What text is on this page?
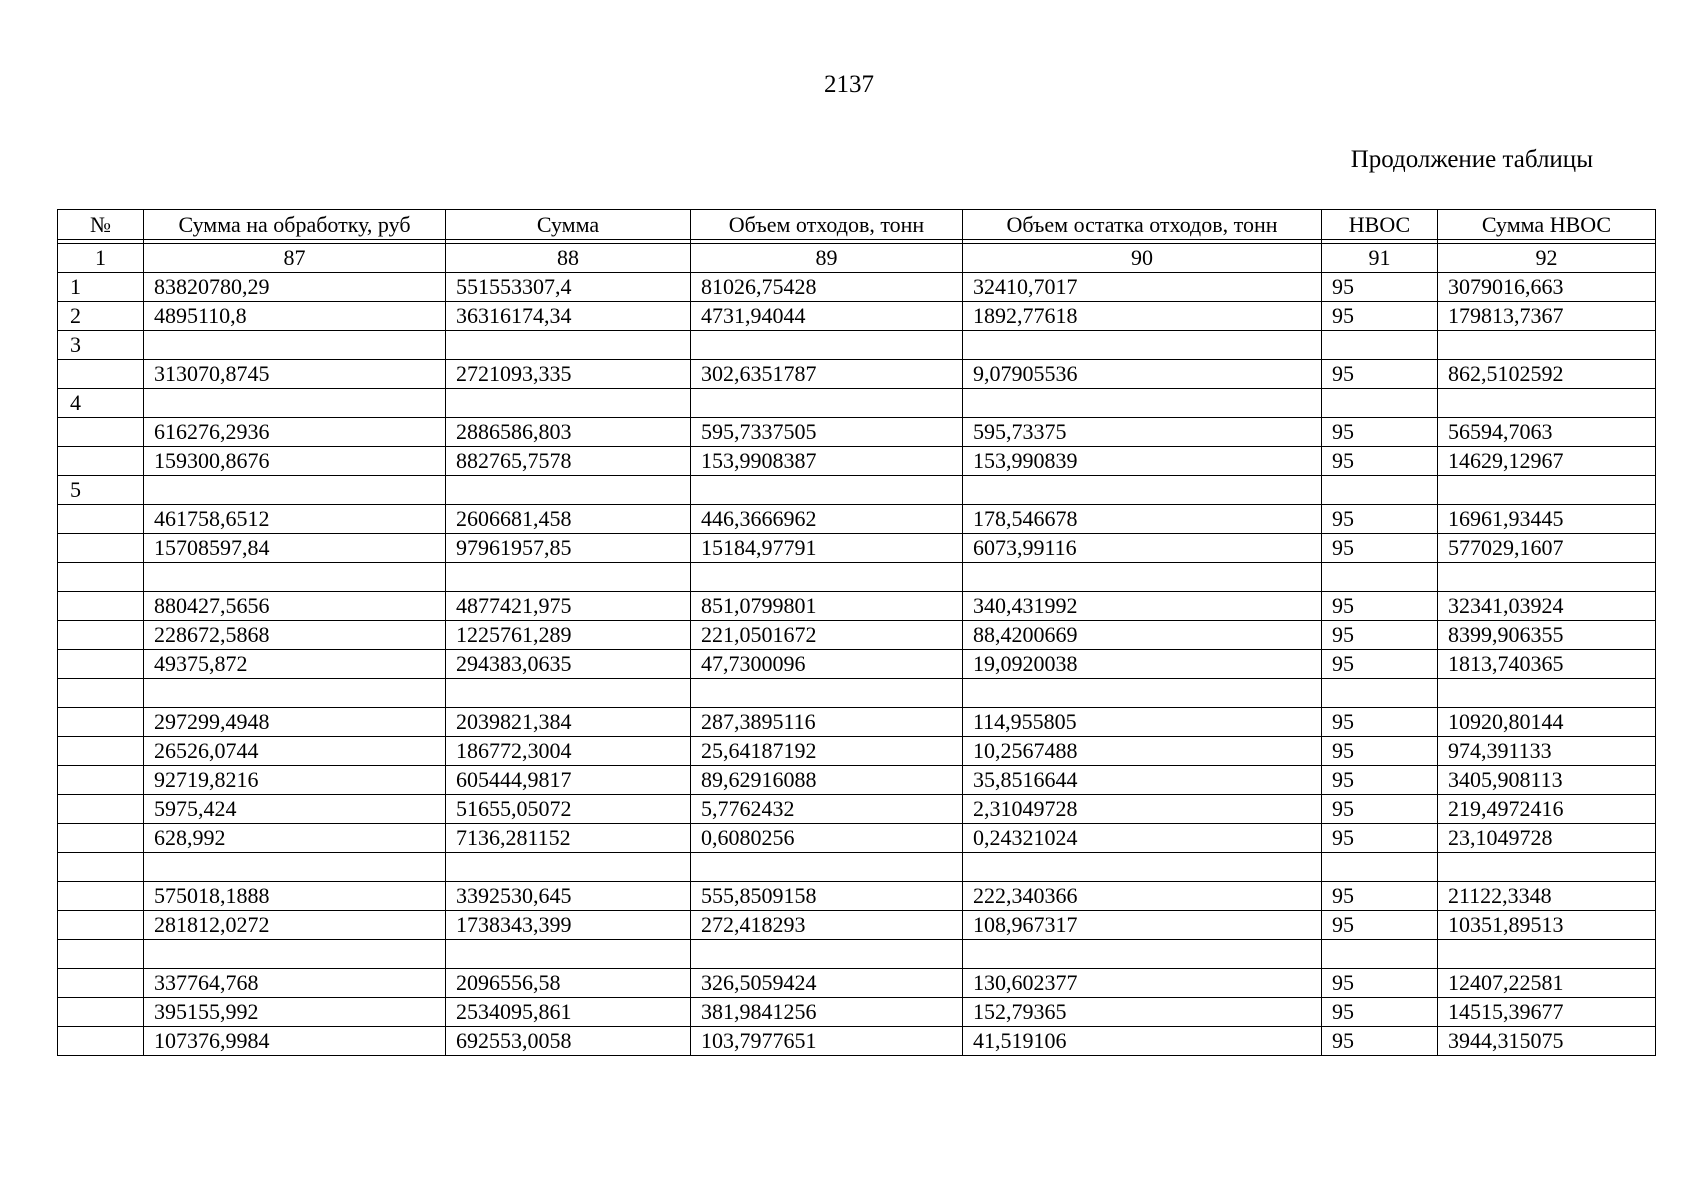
2137
Продолжение таблицы
№	Сумма на обработку, руб	Сумма	Объем отходов, тонн	Объем остатка отходов, тонн	НВОС	Сумма НВОС

1	87	88	89	90	91	92
1	83820780,29	551553307,4	81026,75428	32410,7017	95	3079016,663
2	4895110,8	36316174,34	4731,94044	1892,77618	95	179813,7367
3						
	313070,8745	2721093,335	302,6351787	9,07905536	95	862,5102592
4						
	616276,2936	2886586,803	595,7337505	595,73375	95	56594,7063
	159300,8676	882765,7578	153,9908387	153,990839	95	14629,12967
5						
	461758,6512	2606681,458	446,3666962	178,546678	95	16961,93445
	15708597,84	97961957,85	15184,97791	6073,99116	95	577029,1607

	880427,5656	4877421,975	851,0799801	340,431992	95	32341,03924
	228672,5868	1225761,289	221,0501672	88,4200669	95	8399,906355
	49375,872	294383,0635	47,7300096	19,0920038	95	1813,740365

	297299,4948	2039821,384	287,3895116	114,955805	95	10920,80144
	26526,0744	186772,3004	25,64187192	10,2567488	95	974,391133
	92719,8216	605444,9817	89,62916088	35,8516644	95	3405,908113
	5975,424	51655,05072	5,7762432	2,31049728	95	219,4972416
	628,992	7136,281152	0,6080256	0,24321024	95	23,1049728

	575018,1888	3392530,645	555,8509158	222,340366	95	21122,3348
	281812,0272	1738343,399	272,418293	108,967317	95	10351,89513

	337764,768	2096556,58	326,5059424	130,602377	95	12407,22581
	395155,992	2534095,861	381,9841256	152,79365	95	14515,39677
	107376,9984	692553,0058	103,7977651	41,519106	95	3944,315075
